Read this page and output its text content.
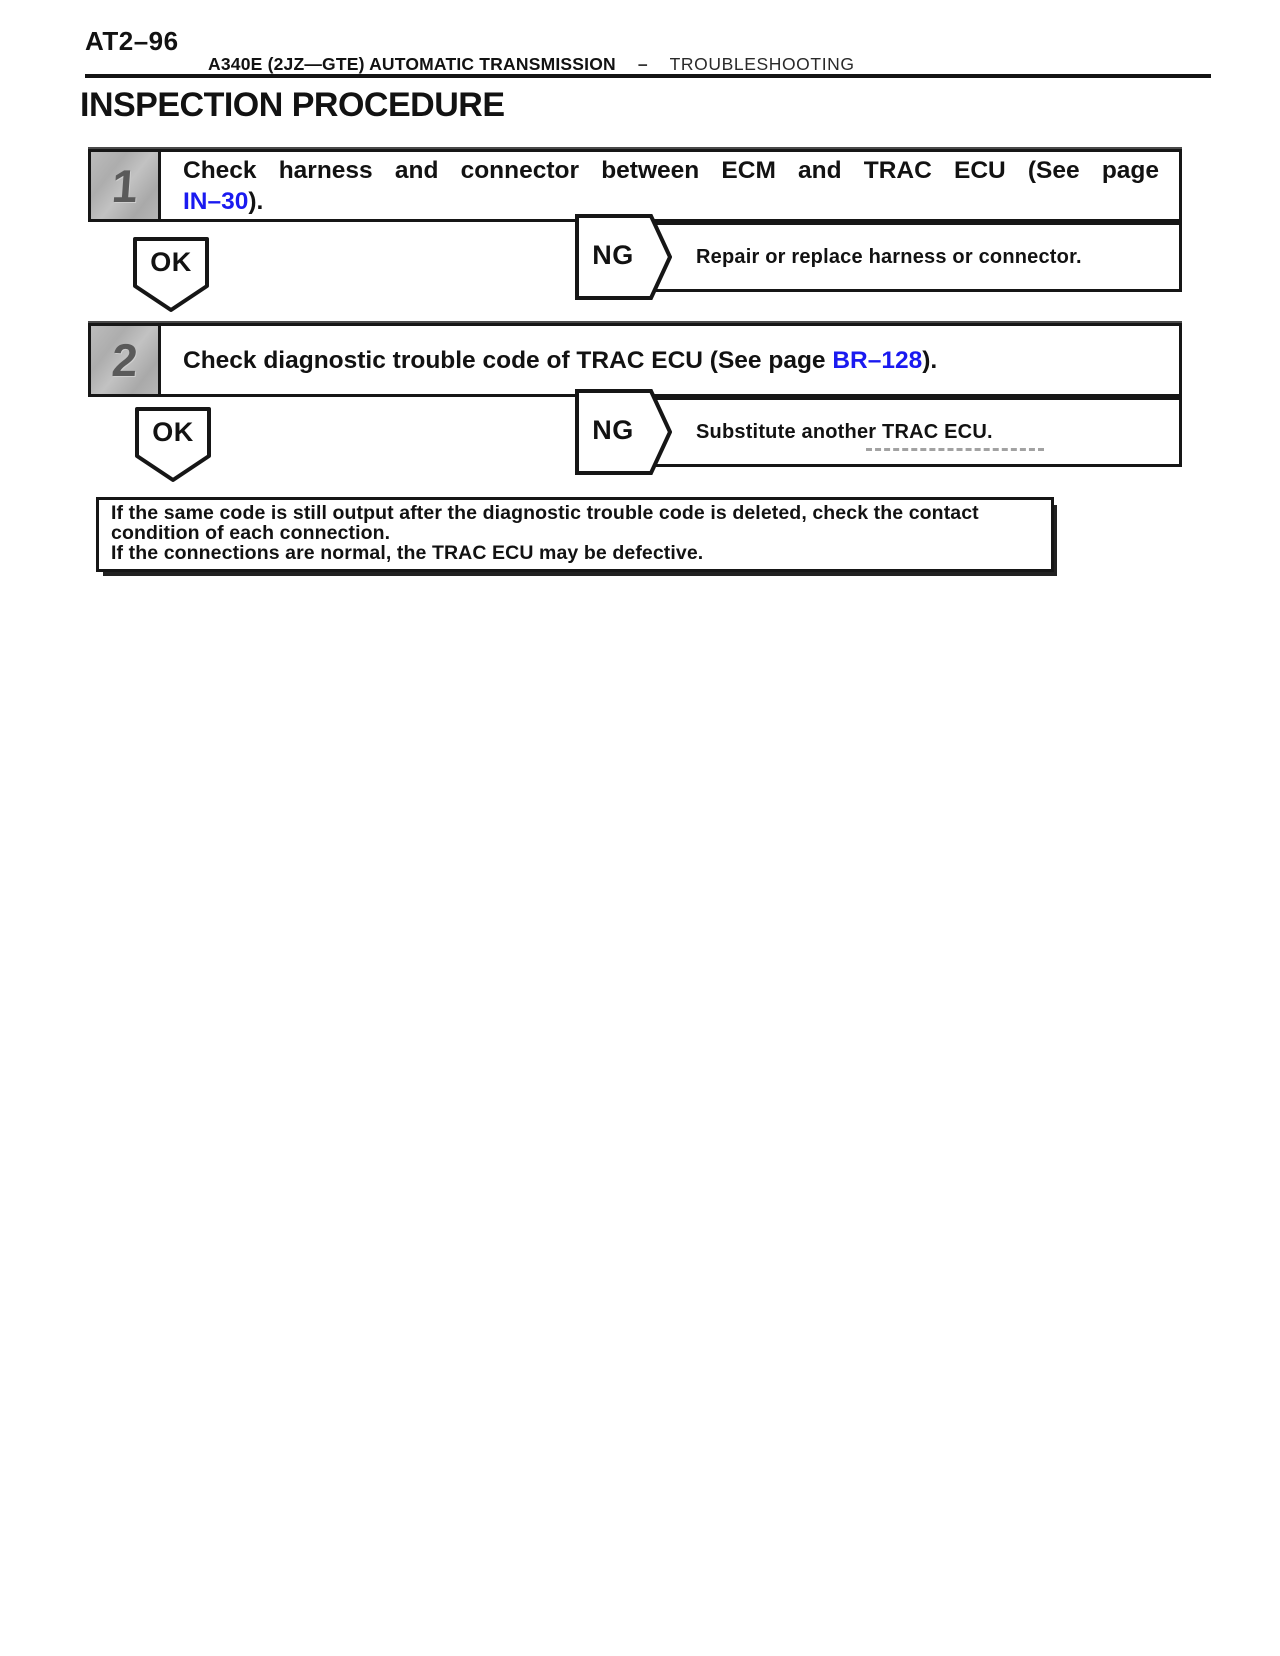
AT2–96
A340E (2JZ—GTE) AUTOMATIC TRANSMISSION – TROUBLESHOOTING
INSPECTION PROCEDURE
1 Check harness and connector between ECM and TRAC ECU (See page
IN–30).
OK	NG	Repair or replace harness or connector.
2 Check diagnostic trouble code of TRAC ECU (See page BR–128).
NG	Substitute another TRAC ECU.
OK

If the same code is still output after the diagnostic trouble code is deleted, check the contact condition of each connection.

If the connections are normal, the TRAC ECU may be defective.
